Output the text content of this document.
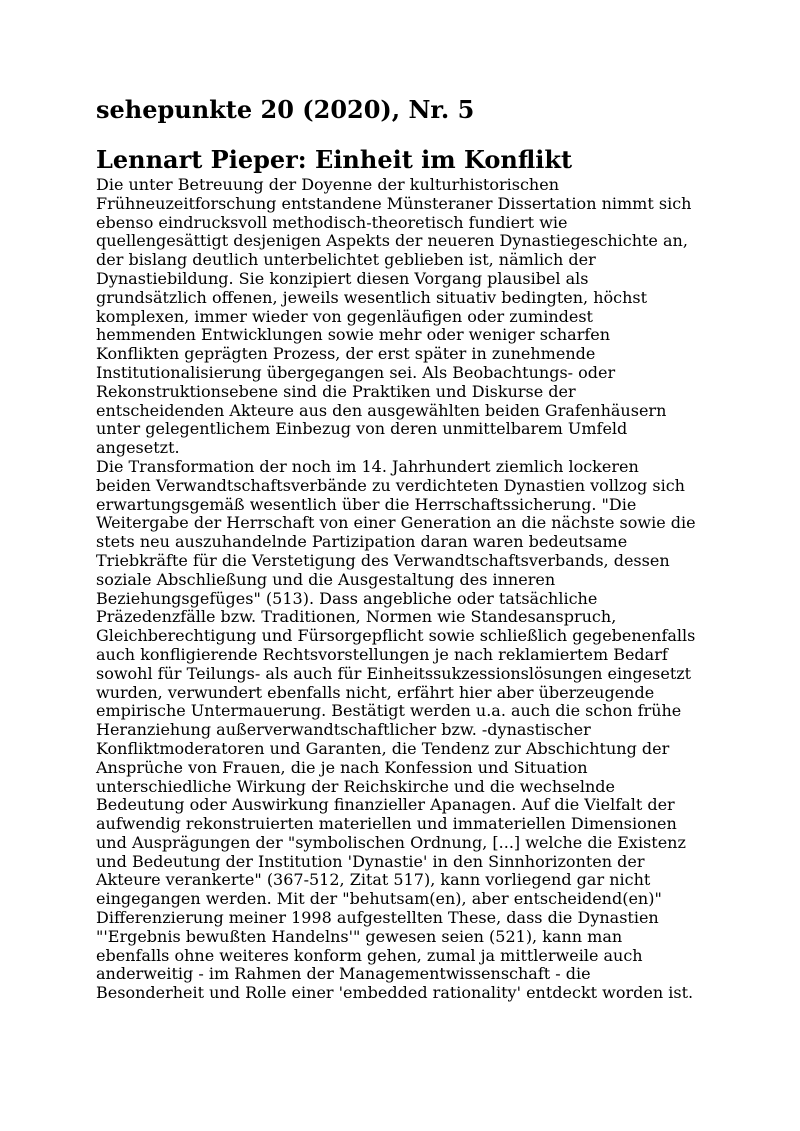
sehepunkte 20 (2020), Nr. 5
Lennart Pieper: Einheit im Konflikt

Die unter Betreuung der Doyenne der kulturhistorischen
Frühneuzeitforschung entstandene Münsteraner Dissertation nimmt sich
ebenso eindrucksvoll methodisch-theoretisch fundiert wie
quellengesättigt desjenigen Aspekts der neueren Dynastiegeschichte an,
der bislang deutlich unterbelichtet geblieben ist, nämlich der
Dynastiebildung. Sie konzipiert diesen Vorgang plausibel als
grundsätzlich offenen, jeweils wesentlich situativ bedingten, höchst
komplexen, immer wieder von gegenläufigen oder zumindest
hemmenden Entwicklungen sowie mehr oder weniger scharfen
Konflikten geprägten Prozess, der erst später in zunehmende
Institutionalisierung übergegangen sei. Als Beobachtungs- oder
Rekonstruktionsebene sind die Praktiken und Diskurse der
entscheidenden Akteure aus den ausgewählten beiden Grafenhäusern
unter gelegentlichem Einbezug von deren unmittelbarem Umfeld
angesetzt.

Die Transformation der noch im 14. Jahrhundert ziemlich lockeren
beiden Verwandtschaftsverbände zu verdichteten Dynastien vollzog sich
erwartungsgemäß wesentlich über die Herrschaftssicherung. "Die
Weitergabe der Herrschaft von einer Generation an die nächste sowie die
stets neu auszuhandelnde Partizipation daran waren bedeutsame
Triebkräfte für die Verstetigung des Verwandtschaftsverbands, dessen
soziale Abschließung und die Ausgestaltung des inneren
Beziehungsgefüges" (513). Dass angebliche oder tatsächliche
Präzedenzfälle bzw. Traditionen, Normen wie Standesanspruch,
Gleichberechtigung und Fürsorgepflicht sowie schließlich gegebenenfalls
auch konfligierende Rechtsvorstellungen je nach reklamiertem Bedarf
sowohl für Teilungs- als auch für Einheitssukzessionslösungen eingesetzt
wurden, verwundert ebenfalls nicht, erfährt hier aber überzeugende
empirische Untermauerung. Bestätigt werden u.a. auch die schon frühe
Heranziehung außerverwandtschaftlicher bzw. -dynastischer
Konfliktmoderatoren und Garanten, die Tendenz zur Abschichtung der
Ansprüche von Frauen, die je nach Konfession und Situation
unterschiedliche Wirkung der Reichskirche und die wechselnde
Bedeutung oder Auswirkung finanzieller Apanagen. Auf die Vielfalt der
aufwendig rekonstruierten materiellen und immateriellen Dimensionen
und Ausprägungen der "symbolischen Ordnung, [...] welche die Existenz
und Bedeutung der Institution 'Dynastie' in den Sinnhorizonten der
Akteure verankerte" (367-512, Zitat 517), kann vorliegend gar nicht
eingegangen werden. Mit der "behutsam(en), aber entscheidend(en)"
Differenzierung meiner 1998 aufgestellten These, dass die Dynastien
"'Ergebnis bewußten Handelns'" gewesen seien (521), kann man
ebenfalls ohne weiteres konform gehen, zumal ja mittlerweile auch
anderweitig - im Rahmen der Managementwissenschaft - die
Besonderheit und Rolle einer 'embedded rationality' entdeckt worden ist.
